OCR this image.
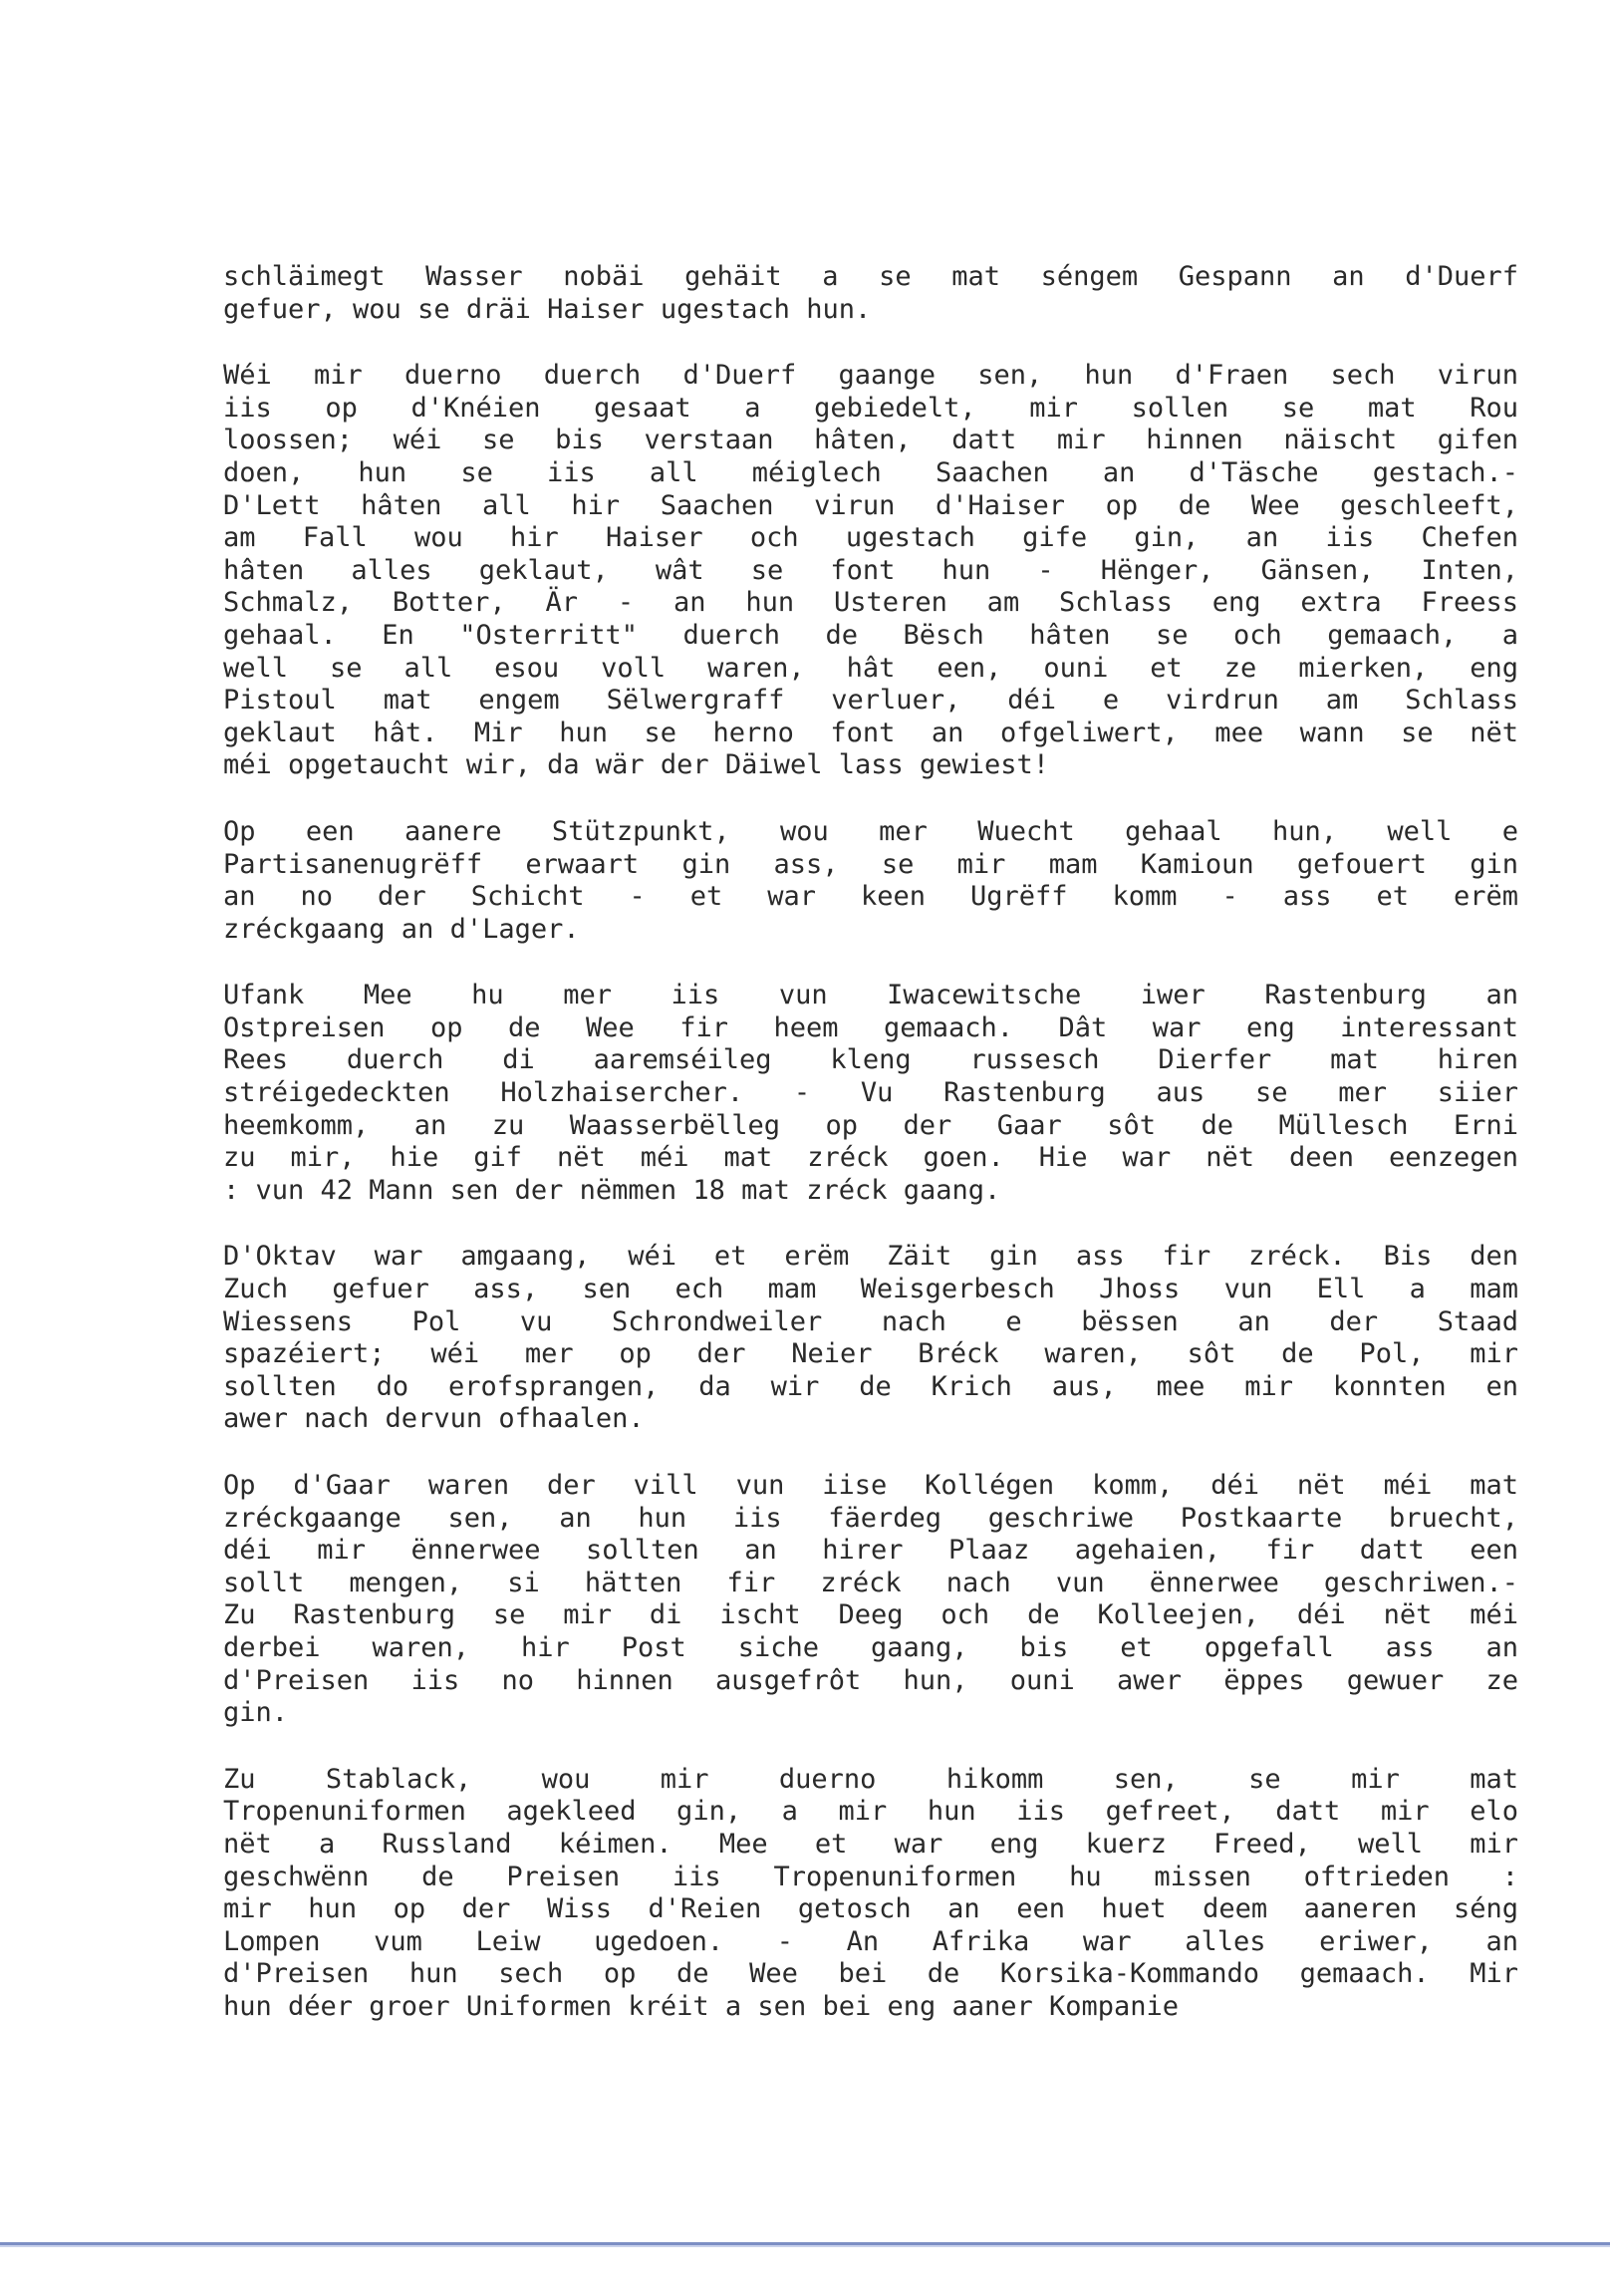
schläimegt Wasser nobäi gehäit a se mat séngem Gespann an d'Duerf
gefuer, wou se dräi Haiser ugestach hun.
Wéi mir duerno duerch d'Duerf gaange sen, hun d'Fraen sech virun
iis op d'Knéien gesaat a gebiedelt, mir sollen se mat Rou
loossen; wéi se bis verstaan hâten, datt mir hinnen näischt gifen
doen, hun se iis all méiglech Saachen an d'Täsche gestach.-
D'Lett hâten all hir Saachen virun d'Haiser op de Wee geschleeft,
am Fall wou hir Haiser och ugestach gife gin, an iis Chefen
hâten alles geklaut, wât se font hun - Hënger, Gänsen, Inten,
Schmalz, Botter, Är - an hun Usteren am Schlass eng extra Freess
gehaal. En "Osterritt" duerch de Bësch hâten se och gemaach, a
well se all esou voll waren, hât een, ouni et ze mierken, eng
Pistoul mat engem Sëlwergraff verluer, déi e virdrun am Schlass
geklaut hât. Mir hun se herno font an ofgeliwert, mee wann se nët
méi opgetaucht wir, da wär der Däiwel lass gewiest!
Op een aanere Stützpunkt, wou mer Wuecht gehaal hun, well e
Partisanenugrëff erwaart gin ass, se mir mam Kamioun gefouert gin
an no der Schicht - et war keen Ugrëff komm - ass et erëm
zréckgaang an d'Lager.
Ufank Mee hu mer iis vun Iwacewitsche iwer Rastenburg an
Ostpreisen op de Wee fir heem gemaach. Dât war eng interessant
Rees duerch di aaremséileg kleng russesch Dierfer mat hiren
stréigedeckten Holzhaisercher. - Vu Rastenburg aus se mer siier
heemkomm, an zu Waasserbëlleg op der Gaar sôt de Müllesch Erni
zu mir, hie gif nët méi mat zréck goen. Hie war nët deen eenzegen
: vun 42 Mann sen der nëmmen 18 mat zréck gaang.
D'Oktav war amgaang, wéi et erëm Zäit gin ass fir zréck. Bis den
Zuch gefuer ass, sen ech mam Weisgerbesch Jhoss vun Ell a mam
Wiessens Pol vu Schrondweiler nach e bëssen an der Staad
spazéiert; wéi mer op der Neier Bréck waren, sôt de Pol, mir
sollten do erofsprangen, da wir de Krich aus, mee mir konnten en
awer nach dervun ofhaalen.
Op d'Gaar waren der vill vun iise Kollégen komm, déi nët méi mat
zréckgaange sen, an hun iis fäerdeg geschriwe Postkaarte bruecht,
déi mir ënnerwee sollten an hirer Plaaz agehaien, fir datt een
sollt mengen, si hätten fir zréck nach vun ënnerwee geschriwen.-
Zu Rastenburg se mir di ischt Deeg och de Kolleejen, déi nët méi
derbei waren, hir Post siche gaang, bis et opgefall ass an
d'Preisen iis no hinnen ausgefrôt hun, ouni awer ëppes gewuer ze
gin.
Zu Stablack, wou mir duerno hikomm sen, se mir mat
Tropenuniformen agekleed gin, a mir hun iis gefreet, datt mir elo
nët a Russland kéimen. Mee et war eng kuerz Freed, well mir
geschwënn de Preisen iis Tropenuniformen hu missen oftrieden :
mir hun op der Wiss d'Reien getosch an een huet deem aaneren séng
Lompen vum Leiw ugedoen. - An Afrika war alles eriwer, an
d'Preisen hun sech op de Wee bei de Korsika-Kommando gemaach. Mir
hun déer groer Uniformen kréit a sen bei eng aaner Kompanie
